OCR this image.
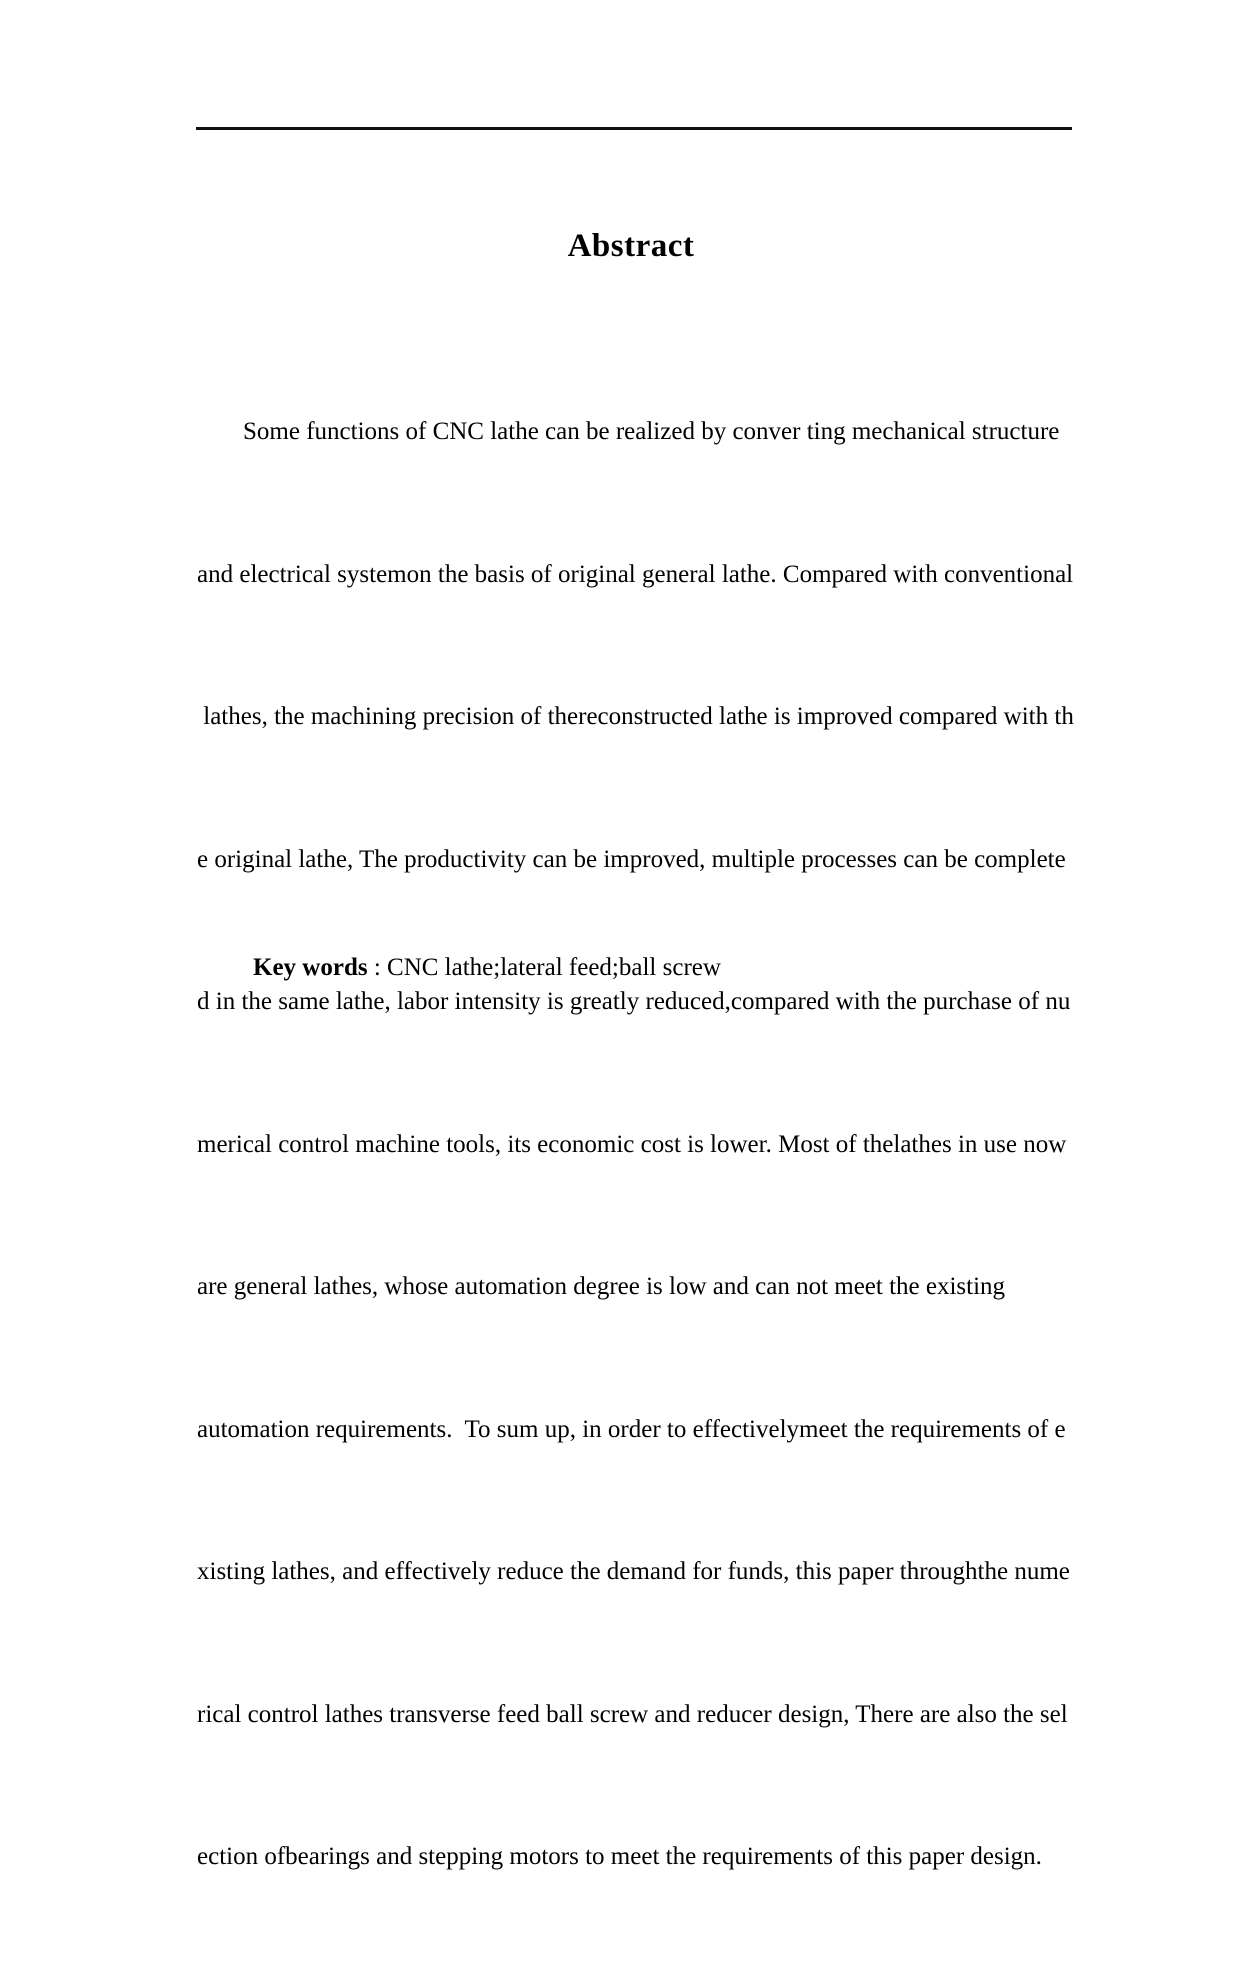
Abstract

Some functions of CNC lathe can be realized by conver ting mechanical structure

and electrical systemon the basis of original general lathe. Compared with conventional

lathes, the machining precision of thereconstructed lathe is improved compared with th

e original lathe, The productivity can be improved, multiple processes can be complete

d in the same lathe, labor intensity is greatly reduced,compared with the purchase of nu

merical control machine tools, its economic cost is lower. Most of thelathes in use now

are general lathes, whose automation degree is low and can not meet the existing

automation requirements.  To sum up, in order to effectivelymeet the requirements of e

xisting lathes, and effectively reduce the demand for funds, this paper throughthe nume

rical control lathes transverse feed ball screw and reducer design, There are also the sel

ection ofbearings and stepping motors to meet the requirements of this paper design.

Key words : CNC lathe;lateral feed;ball screw
